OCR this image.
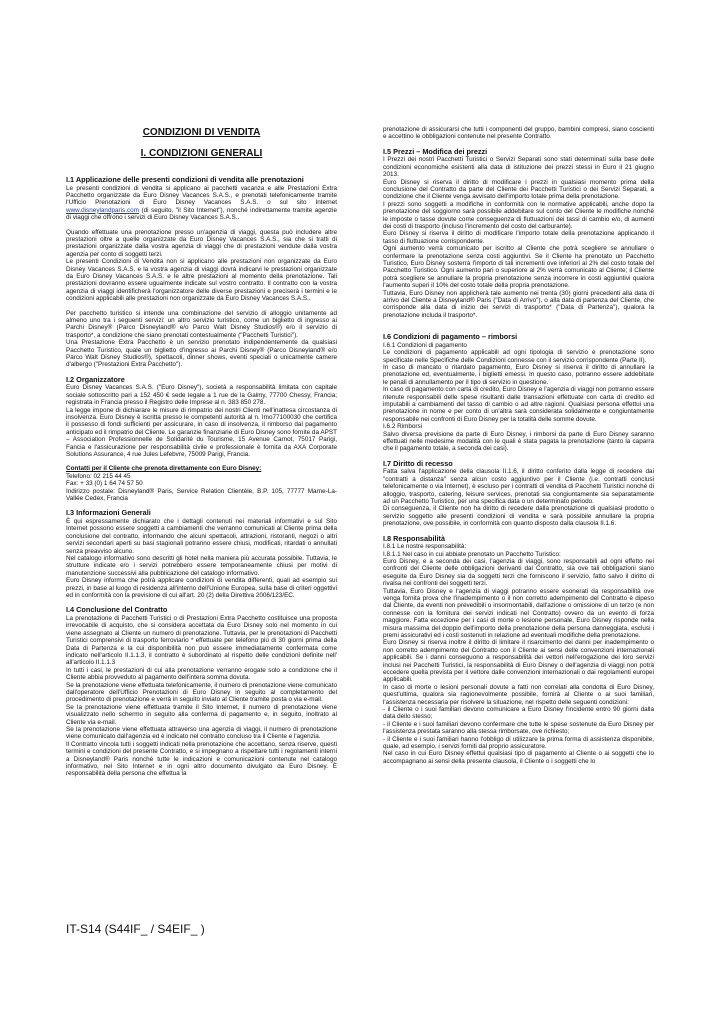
CONDIZIONI DI VENDITA
I. CONDIZIONI GENERALI

I.1 Applicazione delle presenti condizioni di vendita alle prenotazioni

Le presenti condizioni di vendita si applicano ai pacchetti vacanza e alle Prestazioni Extra Pacchetto organizzate da Euro Disney Vacances S.A.S., e prenotati telefonicamente tramite l'Ufficio Prenotazioni di Euro Disney Vacances S.A.S. o sul sito Internet www.disneylandparis.com (di seguito, "il Sito Internet"), nonché indirettamente tramite agenzie di viaggi che offrono i servizi di Euro Disney Vacances S.A.S..

Quando effettuate una prenotazione presso un'agenzia di viaggi, questa può includere altre prestazioni oltre a quelle organizzate da Euro Disney Vacances S.A.S., sia che si tratti di prestazioni organizzate dalla vostra agenzia di viaggi che di prestazioni vendute dalla vostra agenzia per conto di soggetti terzi.

Le presenti Condizioni di Vendita non si applicano alle prestazioni non organizzate da Euro Disney Vacances S.A.S. e la vostra agenzia di viaggi dovrà indicarvi le prestazioni organizzate da Euro Disney Vacances S.A.S. e le altre prestazioni al momento della prenotazione. Tali prestazioni dovranno essere ugualmente indicate sul vostro contratto. Il contratto con la vostra agenzia di viaggi identificherà l'organizzatore delle diverse prestazioni e preciserà i termini e le condizioni applicabili alle prestazioni non organizzate da Euro Disney Vacances S.A.S..

Per pacchetto turistico si intende una combinazione del servizio di alloggio unitamente ad almeno uno tra i seguenti servizi: un altro servizio turistico, come un biglietto di ingresso ai Parchi Disney® (Parco Disneyland® e/o Parco Walt Disney Studios®) e/o il servizio di trasporto*, a condizione che siano prenotati contestualmente ("Pacchetti Turistici").

Una Prestazione Extra Pacchetto è un servizio prenotato indipendentemente da qualsiasi Pacchetto Turistico, quale un biglietto d'ingresso ai Parchi Disney® (Parco Disneyland® e/o Parco Walt Disney Studios®), spettacoli, dinner shows, eventi speciali o unicamente camere d'albergo ("Prestazioni Extra Pacchetto").

I.2 Organizzatore

Euro Disney Vacances S.A.S. ("Euro Disney"), società a responsabilità limitata con capitale sociale sottoscritto pari a 152 450 € sede legale a 1 rue de la Galmy, 77700 Chessy, Francia; registrata in Francia presso il Registro delle Imprese al n. 383 850 278.

La legge impone di dichiarare le misure di rimpatrio dei nostri Clienti nell'inattesa circostanza di insolvenza. Euro Disney è iscritta presso le competenti autorità al n. Imo77100030 che certifica il possesso di fondi sufficienti per assicurare, in caso di insolvenza, il rimborso dal pagamento anticipato ed il rimpatrio del Cliente. Le garanzie finanziarie di Euro Disney sono fornite da APST – Association Professionnelle de Solidarité du Tourisme, 15 Avenue Carnot, 75017 Parigi, Fancia e l'assicurazione per responsabilità civile e professionale è fornita da AXA Corporate Solutions Assurance, 4 rue Jules Lefebvre, 75009 Parigi, Francia.

Contatti per il Cliente che prenota direttamente con Euro Disney:

Telefono: 02 215 44 45

Fax: + 33 (0) 1 64 74 57 50

Indirizzo postale: Disneyland® Paris, Service Relation Clientèle, B.P. 105, 77777 Marne-La-Vallée Cedex, Francia

I.3 Informazioni Generali

È qui espressamente dichiarato che i dettagli contenuti nei materiali informativi e sul Sito Internet possono essere soggetti a cambiamenti che verranno comunicati al Cliente prima della conclusione del contratto, informando che alcuni spettacoli, attrazioni, ristoranti, negozi o altri servizi secondari aperti su basi stagionali potranno essere chiusi, modificati, ritardati o annullati senza preavviso alcuno.

Nel catalogo informativo sono descritti gli hotel nella maniera più accurata possibile. Tuttavia, le strutture indicate e/o i servizi potrebbero essere temporaneamente chiusi per motivi di manutenzione successivi alla pubblicazione del catalogo informativo.

Euro Disney informa che potrà applicare condizioni di vendita differenti, quali ad esempio sui prezzi, in base al luogo di residenza all'interno dell'Unione Europea, sulla base di criteri oggettivi ed in conformità con la previsione di cui all'art. 20 (2) della Direttiva 2006/123/EC.

I.4 Conclusione del Contratto

La prenotazione di Pacchetti Turistici o di Prestazioni Extra Pacchetto costituisce una proposta irrevocabile di acquisto, che si considera accettata da Euro Disney solo nel momento in cui viene assegnato al Cliente un numero di prenotazione. Tuttavia, per le prenotazioni di Pacchetti Turistici comprensivi di trasporto ferroviario * effettuate per telefono più di 30 giorni prima della Data di Partenza e la cui disponibilità non può essere immediatamente confermata come indicato nell'articolo II.1.1.3, il contratto è subordinato al rispetto delle condizioni definite nell' all'articolo II.1.1.3

In tutti i casi, le prestazioni di cui alla prenotazione verranno erogate solo a condizione che il Cliente abbia provveduto al pagamento dell'intera somma dovuta.

Se la prenotazione viene effettuata telefonicamente, il numero di prenotazione viene comunicato dall'operatore dell'Ufficio Prenotazioni di Euro Disney in seguito al completamento del procedimento di prenotazione e verrà in seguito inviato al Cliente tramite posta o via e-mail.

Se la prenotazione viene effettuata tramite il Sito Internet, il numero di prenotazione viene visualizzato nello schermo in seguito alla conferma di pagamento e, in seguito, inoltrato al Cliente via e-mail.

Se la prenotazione viene effettuata attraverso una agenzia di viaggi, il numero di prenotazione viene comunicato dall'agenzia ed è indicato nel contratto concluso tra il Cliente e l'agenzia.

Il Contratto vincola tutti i soggetti indicati nella prenotazione che accettano, senza riserve, questi termini e condizioni del presente Contratto, e si impegnano a rispettare tutti i regolamenti interni a Disneyland® Paris nonché tutte le indicazioni e comunicazioni contenute nel catalogo informativo, nel Sito Internet e in ogni altro documento divulgato da Euro Disney. È responsabilità della persona che effettua la

prenotazione di assicurarsi che tutti i componenti del gruppo, bambini compresi, siano coscienti e accettino le obbligazioni contenute nel presente Contratto.

I.5 Prezzi – Modifica dei prezzi

I Prezzi dei nostri Pacchetti Turistici o Servizi Separati sono stati determinati sulla base delle condizioni economiche esistenti alla data di istituzione dei prezzi stessi in Euro il 21 giugno 2013.

Euro Disney si riserva il diritto di modificare i prezzi in qualsiasi momento prima della conclusione del Contratto da parte del Cliente dei Pacchetti Turistici o dei Servizi Separati, a condizione che il Cliente venga avvisato dell'importo totale prima della prenotazione.

I prezzi sono soggetti a modifiche in conformità con le normative applicabili, anche dopo la prenotazione del soggiorno sarà possibile addebitare sul conto del Cliente le modifiche nonché le imposte o tasse dovute come conseguenza di fluttuazioni dei tassi di cambio e/o, di aumenti dei costi di trasporto (incluso l'incremento del costo del carburante).

Euro Disney si riserva il diritto di modificare l'importo totale della prenotazione applicando il tasso di fluttuazione corrispondente.

Ogni aumento verrà comunicato per iscritto al Cliente che potrà scegliere se annullare o confermare la prenotazione senza costi aggiuntivi. Se il Cliente ha prenotato un Pacchetto Turistico, Euro Disney sosterrà l'importo di tali incrementi ove inferiori al 2% del costo totale del Pacchetto Turistico. Ogni aumento pari o superiore al 2% verrà comunicato al Cliente; il Cliente potrà scegliere se annullare la propria prenotazione senza incorrere in costi aggiuntivi qualora l'aumento superi il 10% del costo totale della propria prenotazione.

Tuttavia, Euro Disney non applicherà tale aumento nei trenta (30) giorni precedenti alla data di arrivo del Cliente a Disneyland® Paris ("Data di Arrivo"), o alla data di partenza del Cliente, che corrisponde alla data di inizio dei servizi di trasporto* ("Data di Partenza"), qualora la prenotazione includa il trasporto*.

I.6 Condizioni di pagamento – rimborsi

I.6.1 Condizioni di pagamento

Le condizioni di pagamento applicabili ad ogni tipologia di servizio e prenotazione sono specificate nelle Specifiche delle Condizioni connesse con il servizio corrispondente (Parte II).

In caso di mancato o ritardato pagamento, Euro Disney si riserva il diritto di annullare la prenotazione ed, eventualmente, i biglietti emessi. In questo caso, potranno essere addebitate le penali di annullamento per il tipo di servizio in questione.

In caso di pagamento con carta di credito, Euro Disney e l'agenzia di viaggi non potranno essere ritenute responsabili delle spese risultanti dalle transazioni effettuate con carta di credito ed imputabili a cambiamenti del tasso di cambio o ad altre ragioni. Qualsiasi persona effettui una prenotazione in nome e per conto di un'altra sarà considerata solidalmente e congiuntamente responsabile nei confronti di Euro Disney per la totalità delle somme dovute.

I.6.2 Rimborsi

Salvo diversa previsione da parte di Euro Disney, i rimborsi da parte di Euro Disney saranno effettuati nelle medesime modalità con le quali è stata pagata la prenotazione (tanto la caparra che il pagamento totale, a seconda dei casi).

I.7 Diritto di recesso

Fatta salva l'applicazione della clausola II.1.6, il diritto conferito dalla legge di recedere dai "contratti a distanza" senza alcun costo aggiuntivo per il Cliente (i.e. contratti conclusi telefonicamente o via Internet), è escluso per i contratti di vendita di Pacchetti Turistici nonché di alloggio, trasporto, catering, leisure services, prenotati sia congiuntamente sia separatamente ad un Pacchetto Turistico, per una specifica data o un determinato periodo.

Di conseguenza, il Cliente non ha diritto di recedere dalla prenotazione di qualsiasi prodotto o servizio soggetto alle presenti condizioni di vendita e sarà possibile annullare la propria prenotazione, ove possibile, in conformità con quanto disposto dalla clausola II.1.6.

I.8 Responsabilità

I.8.1 Le nostre responsabilità:

I.8.1.1 Nel caso in cui abbiate prenotato un Pacchetto Turistico:

Euro Disney, e a seconda dei casi, l'agenzia di viaggi, sono responsabili ad ogni effetto nei confronti del Cliente delle obbligazioni derivanti dal Contratto, sia ove tali obbligazioni siano eseguite da Euro Disney sia da soggetti terzi che forniscono il servizio, fatto salvo il diritto di rivalsa nei confronti dei soggetti terzi.

Tuttavia, Euro Disney e l'agenzia di viaggi potranno essere esonerati da responsabilità ove venga fornita prova che l'inadempimento o il non corretto adempimento del Contratto è dipeso dal Cliente, da eventi non prevedibili o insormontabili, dall'azione o omissione di un terzo (e non connesse con la fornitura dei servizi indicati nel Contratto) ovvero da un evento di forza maggiore. Fatta eccezione per i casi di morte o lesione personale, Euro Disney risponde nella misura massima del doppio dell'importo della prenotazione della persona danneggiata, esclusi i premi assicurativi ed i costi sostenuti in relazione ad eventuali modifiche della prenotazione.

Euro Disney si riserva inoltre il diritto di limitare il risarcimento dei danni per inadempimento o non corretto adempimento del Contratto con il Cliente ai sensi delle convenzioni internazionali applicabili. Se i danni conseguono a responsabilità dei vettori nell'erogazione dei loro servizi inclusi nei Pacchetti Turistici, la responsabilità di Euro Disney o dell'agenzia di viaggi non potrà eccedere quella prevista per il vettore dalle convenzioni internazionali o dai regolamenti europei applicabili.

In caso di morte o lesioni personali dovute a fatti non correlati alla condotta di Euro Disney, quest'ultima, qualora sia ragionevolmente possibile, fornirà al Cliente o ai suoi familiari, l'assistenza necessaria per risolvere la situazione, nel rispetto delle seguenti condizioni:

- il Cliente o i suoi familiari devono comunicare a Euro Disney l'incidente entro 90 giorni dalla data dello stesso;

- il Cliente e i suoi familiari devono confermare che tutte le spese sostenute da Euro Disney per l'assistenza prestata saranno alla stessa rimborsate, ove richiesto;

- il Cliente e i suoi familiari hanno l'obbligo di utilizzare la prima forma di assistenza disponibile, quale, ad esempio, i servizi forniti dal proprio assicuratore.

Nel caso in cui Euro Disney effettui qualsiasi tipo di pagamento al Cliente o ai soggetti che lo accompagnano ai sensi della presente clausola, il Cliente o i soggetti che lo

IT-S14 (S44IF_ / S4EIF_ )
